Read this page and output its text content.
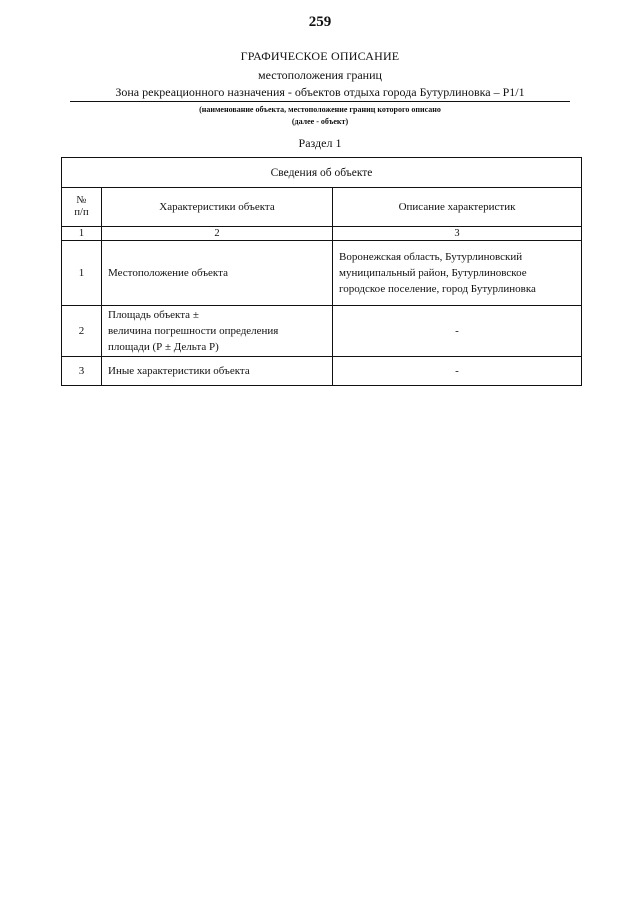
259
ГРАФИЧЕСКОЕ ОПИСАНИЕ
местоположения границ
Зона рекреационного назначения - объектов отдыха города Бутурлиновка – Р1/1
(наименование объекта, местоположение границ которого описано
(далее - объект)
Раздел 1
Сведения об объекте		
№
п/п	Характеристики объекта	Описание характеристик
1	2	3
1	Местоположение объекта	Воронежская область, Бутурлиновский
муниципальный район, Бутурлиновское
городское поселение, город Бутурлиновка
2	Площадь объекта ±
величина погрешности определения
площади (Р ± Дельта Р)	-
3	Иные характеристики объекта	-
